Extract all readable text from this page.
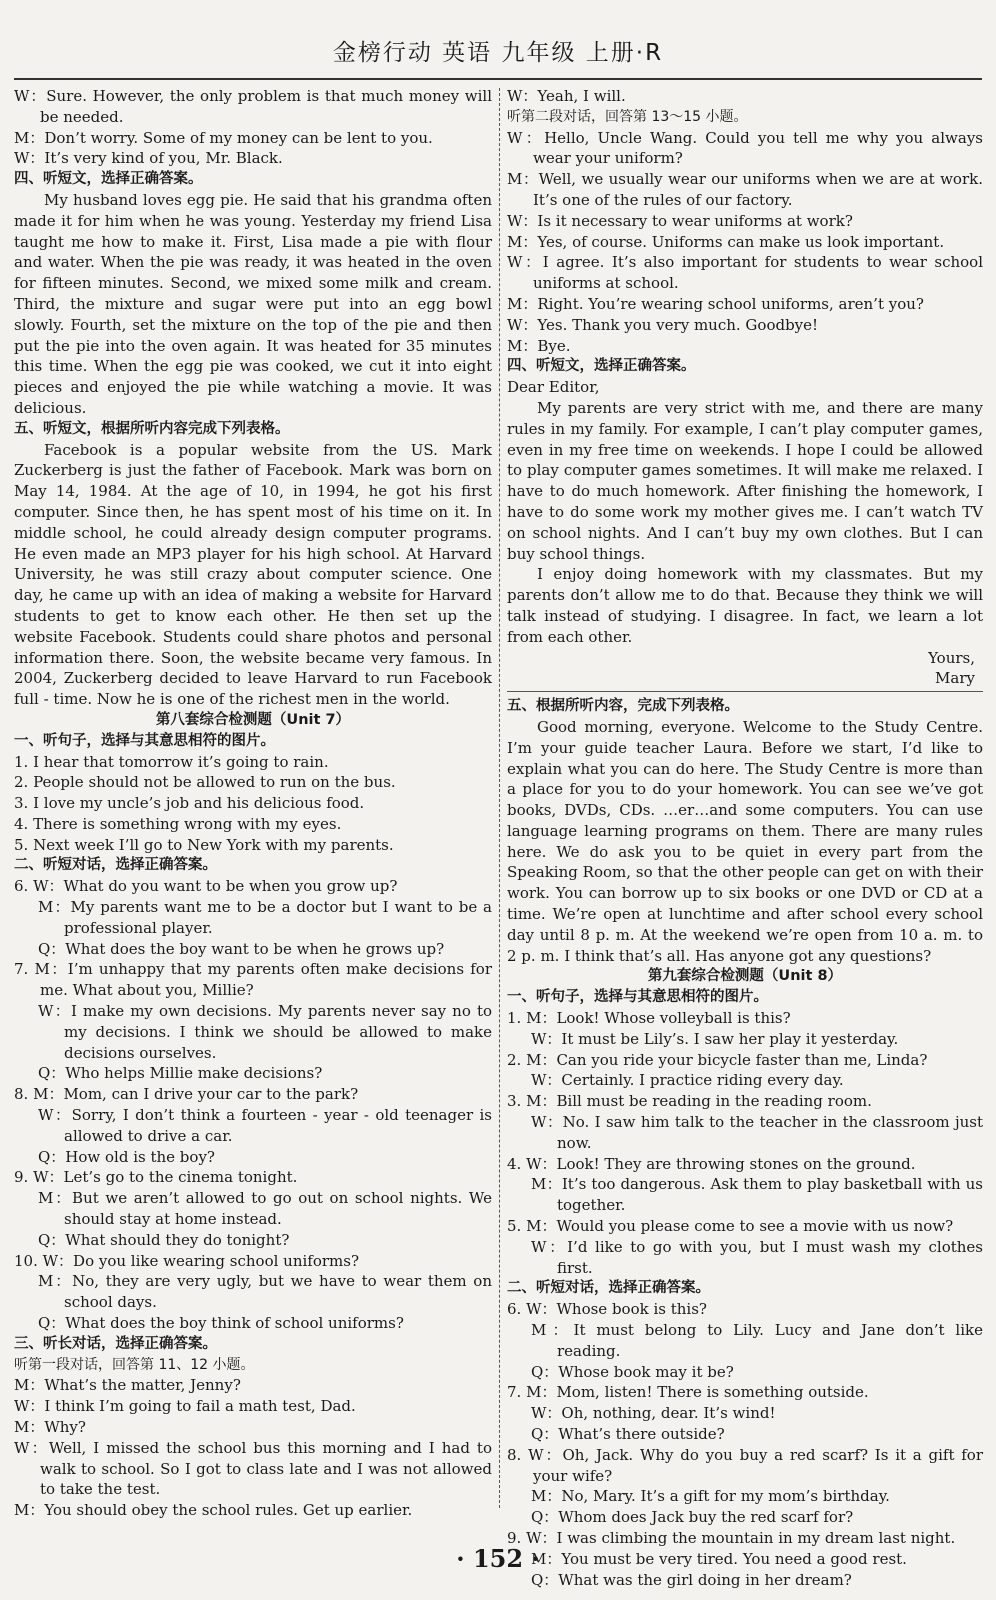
金榜行动 英语 九年级 上册·R
W：Sure. However, the only problem is that much money will be needed.
M：Don’t worry. Some of my money can be lent to you.
W：It’s very kind of you, Mr. Black.
四、听短文，选择正确答案。
My husband loves egg pie. He said that his grandma often made it for him when he was young. Yesterday my friend Lisa taught me how to make it. First, Lisa made a pie with flour and water. When the pie was ready, it was heated in the oven for fifteen minutes. Second, we mixed some milk and cream. Third, the mixture and sugar were put into an egg bowl slowly. Fourth, set the mixture on the top of the pie and then put the pie into the oven again. It was heated for 35 minutes this time. When the egg pie was cooked, we cut it into eight pieces and enjoyed the pie while watching a movie. It was delicious.
五、听短文，根据所听内容完成下列表格。
Facebook is a popular website from the US. Mark Zuckerberg is just the father of Facebook. Mark was born on May 14, 1984. At the age of 10, in 1994, he got his first computer. Since then, he has spent most of his time on it. In middle school, he could already design computer programs. He even made an MP3 player for his high school. At Harvard University, he was still crazy about computer science. One day, he came up with an idea of making a website for Harvard students to get to know each other. He then set up the website Facebook. Students could share photos and personal information there. Soon, the website became very famous. In 2004, Zuckerberg decided to leave Harvard to run Facebook full - time. Now he is one of the richest men in the world.
第八套综合检测题（Unit 7）
一、听句子，选择与其意思相符的图片。
1. I hear that tomorrow it’s going to rain.
2. People should not be allowed to run on the bus.
3. I love my uncle’s job and his delicious food.
4. There is something wrong with my eyes.
5. Next week I’ll go to New York with my parents.
二、听短对话，选择正确答案。
6. W：What do you want to be when you grow up?
M：My parents want me to be a doctor but I want to be a professional player.
Q：What does the boy want to be when he grows up?
7. M：I’m unhappy that my parents often make decisions for me. What about you, Millie?
W：I make my own decisions. My parents never say no to my decisions. I think we should be allowed to make decisions ourselves.
Q：Who helps Millie make decisions?
8. M：Mom, can I drive your car to the park?
W：Sorry, I don’t think a fourteen - year - old teenager is allowed to drive a car.
Q：How old is the boy?
9. W：Let’s go to the cinema tonight.
M：But we aren’t allowed to go out on school nights. We should stay at home instead.
Q：What should they do tonight?
10. W：Do you like wearing school uniforms?
M：No, they are very ugly, but we have to wear them on school days.
Q：What does the boy think of school uniforms?
三、听长对话，选择正确答案。
听第一段对话，回答第 11、12 小题。
M：What’s the matter, Jenny?
W：I think I’m going to fail a math test, Dad.
M：Why?
W：Well, I missed the school bus this morning and I had to walk to school. So I got to class late and I was not allowed to take the test.
M：You should obey the school rules. Get up earlier.
W：Yeah, I will.
听第二段对话，回答第 13～15 小题。
W：Hello, Uncle Wang. Could you tell me why you always wear your uniform?
M：Well, we usually wear our uniforms when we are at work. It’s one of the rules of our factory.
W：Is it necessary to wear uniforms at work?
M：Yes, of course. Uniforms can make us look important.
W：I agree. It’s also important for students to wear school uniforms at school.
M：Right. You’re wearing school uniforms, aren’t you?
W：Yes. Thank you very much. Goodbye!
M：Bye.
四、听短文，选择正确答案。
Dear Editor,
My parents are very strict with me, and there are many rules in my family. For example, I can’t play computer games, even in my free time on weekends. I hope I could be allowed to play computer games sometimes. It will make me relaxed. I have to do much homework. After finishing the homework, I have to do some work my mother gives me. I can’t watch TV on school nights. And I can’t buy my own clothes. But I can buy school things.
I enjoy doing homework with my classmates. But my parents don’t allow me to do that. Because they think we will talk instead of studying. I disagree. In fact, we learn a lot from each other.
Yours,
Mary
五、根据所听内容，完成下列表格。
Good morning, everyone. Welcome to the Study Centre. I’m your guide teacher Laura. Before we start, I’d like to explain what you can do here. The Study Centre is more than a place for you to do your homework. You can see we’ve got books, DVDs, CDs. …er…and some computers. You can use language learning programs on them. There are many rules here. We do ask you to be quiet in every part from the Speaking Room, so that the other people can get on with their work. You can borrow up to six books or one DVD or CD at a time. We’re open at lunchtime and after school every school day until 8 p. m. At the weekend we’re open from 10 a. m. to 2 p. m. I think that’s all. Has anyone got any questions?
第九套综合检测题（Unit 8）
一、听句子，选择与其意思相符的图片。
1. M：Look! Whose volleyball is this?
W：It must be Lily’s. I saw her play it yesterday.
2. M：Can you ride your bicycle faster than me, Linda?
W：Certainly. I practice riding every day.
3. M：Bill must be reading in the reading room.
W：No. I saw him talk to the teacher in the classroom just now.
4. W：Look! They are throwing stones on the ground.
M：It’s too dangerous. Ask them to play basketball with us together.
5. M：Would you please come to see a movie with us now?
W：I’d like to go with you, but I must wash my clothes first.
二、听短对话，选择正确答案。
6. W：Whose book is this?
M：It must belong to Lily. Lucy and Jane don’t like reading.
Q：Whose book may it be?
7. M：Mom, listen! There is something outside.
W：Oh, nothing, dear. It’s wind!
Q：What’s there outside?
8. W：Oh, Jack. Why do you buy a red scarf? Is it a gift for your wife?
M：No, Mary. It’s a gift for my mom’s birthday.
Q：Whom does Jack buy the red scarf for?
9. W：I was climbing the mountain in my dream last night.
M：You must be very tired. You need a good rest.
Q：What was the girl doing in her dream?
· 152 ·
